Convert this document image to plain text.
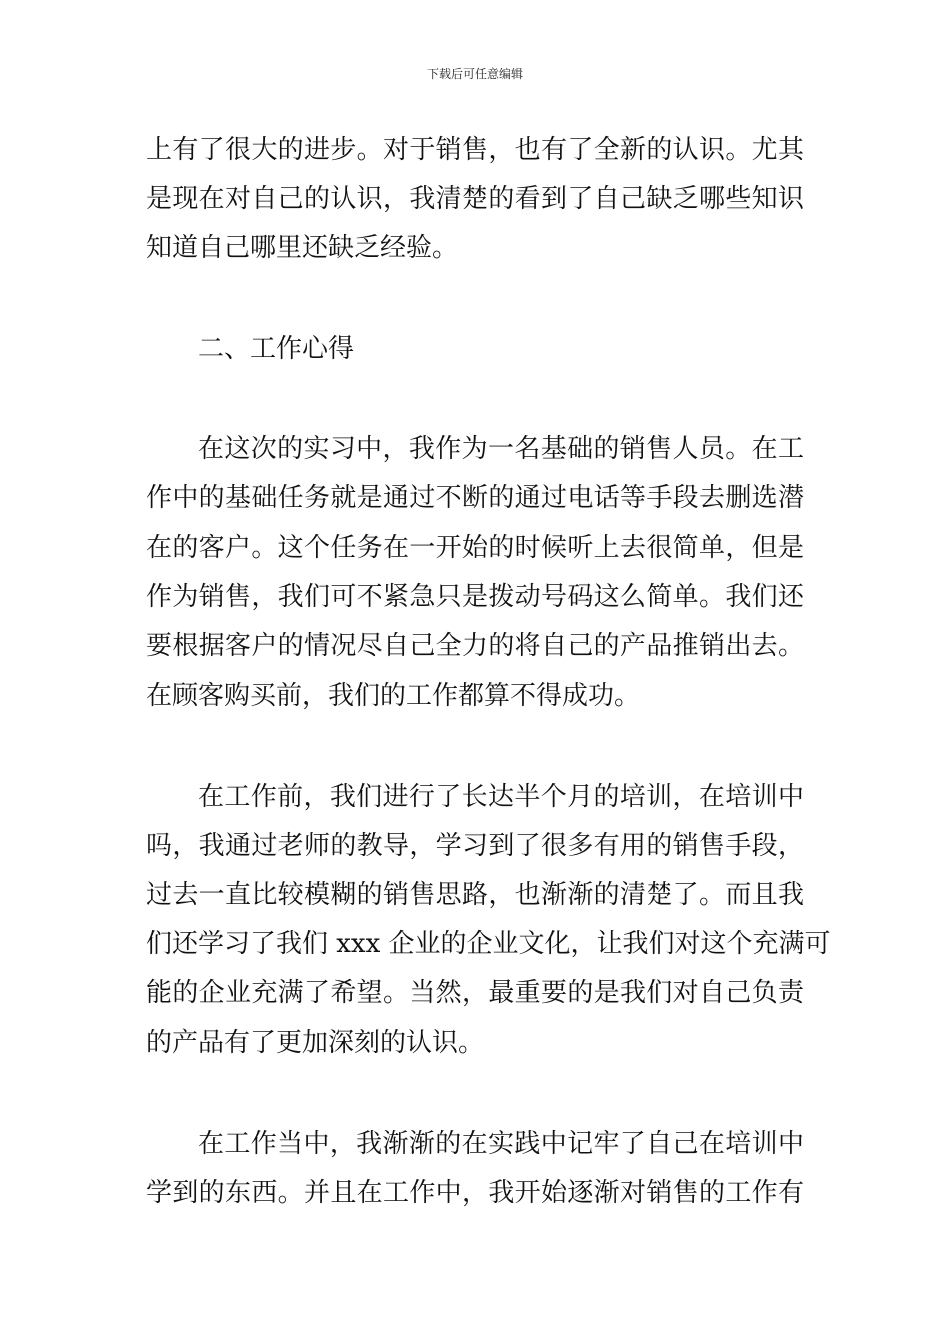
下载后可任意编辑
上有了很大的进步。对于销售，也有了全新的认识。尤其
是现在对自己的认识，我清楚的看到了自己缺乏哪些知识
知道自己哪里还缺乏经验。
二、工作心得
在这次的实习中，我作为一名基础的销售人员。在工
作中的基础任务就是通过不断的通过电话等手段去删选潜
在的客户。这个任务在一开始的时候听上去很简单，但是
作为销售，我们可不紧急只是拨动号码这么简单。我们还
要根据客户的情况尽自己全力的将自己的产品推销出去。
在顾客购买前，我们的工作都算不得成功。
在工作前，我们进行了长达半个月的培训，在培训中
吗，我通过老师的教导，学习到了很多有用的销售手段，
过去一直比较模糊的销售思路，也渐渐的清楚了。而且我
们还学习了我们 xxx 企业的企业文化，让我们对这个充满可
能的企业充满了希望。当然，最重要的是我们对自己负责
的产品有了更加深刻的认识。
在工作当中，我渐渐的在实践中记牢了自己在培训中
学到的东西。并且在工作中，我开始逐渐对销售的工作有
